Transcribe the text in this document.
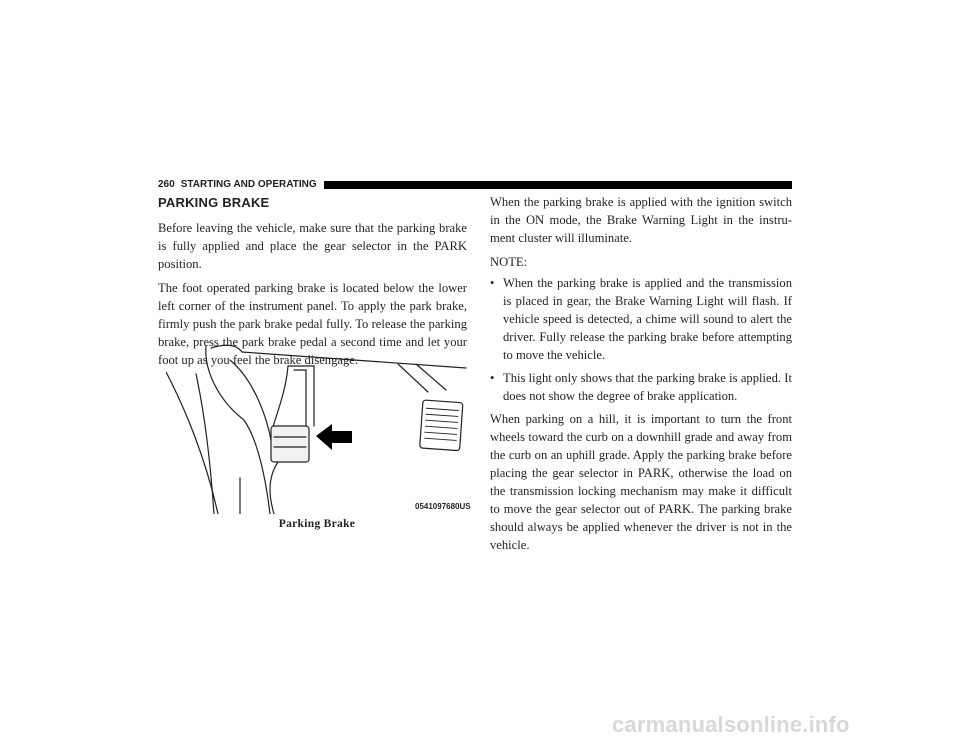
260 STARTING AND OPERATING
PARKING BRAKE

Before leaving the vehicle, make sure that the parking brake is fully applied and place the gear selector in the PARK position.

The foot operated parking brake is located below the lower left corner of the instrument panel. To apply the park brake, firmly push the park brake pedal fully. To release the parking brake, press the park brake pedal a second time and let your foot up as you feel the brake disengage.

0541097680US
Parking Brake

When the parking brake is applied with the ignition switch in the ON mode, the Brake Warning Light in the instru-ment cluster will illuminate.

NOTE:

• When the parking brake is applied and the transmission is placed in gear, the Brake Warning Light will flash. If vehicle speed is detected, a chime will sound to alert the driver. Fully release the parking brake before attempting to move the vehicle.
• This light only shows that the parking brake is applied. It does not show the degree of brake application.

When parking on a hill, it is important to turn the front wheels toward the curb on a downhill grade and away from the curb on an uphill grade. Apply the parking brake before placing the gear selector in PARK, otherwise the load on the transmission locking mechanism may make it difficult to move the gear selector out of PARK. The parking brake should always be applied whenever the driver is not in the vehicle.

carmanualsonline.info
